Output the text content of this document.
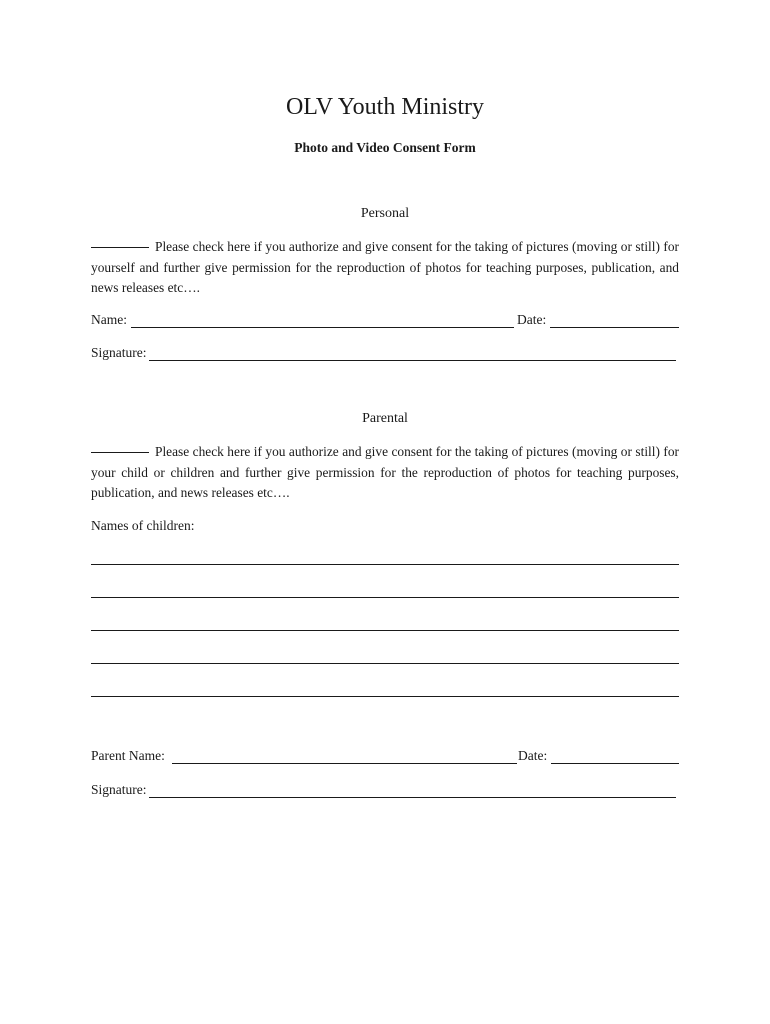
OLV Youth Ministry
Photo and Video Consent Form
Personal
Please check here if you authorize and give consent for the taking of pictures (moving or still) for yourself and further give permission for the reproduction of photos for teaching purposes, publication, and news releases etc….
Name:	Date:
Signature:
Parental
Please check here if you authorize and give consent for the taking of pictures (moving or still) for your child or children and further give permission for the reproduction of photos for teaching purposes, publication, and news releases etc….
Names of children:
Parent Name:	Date:
Signature:
